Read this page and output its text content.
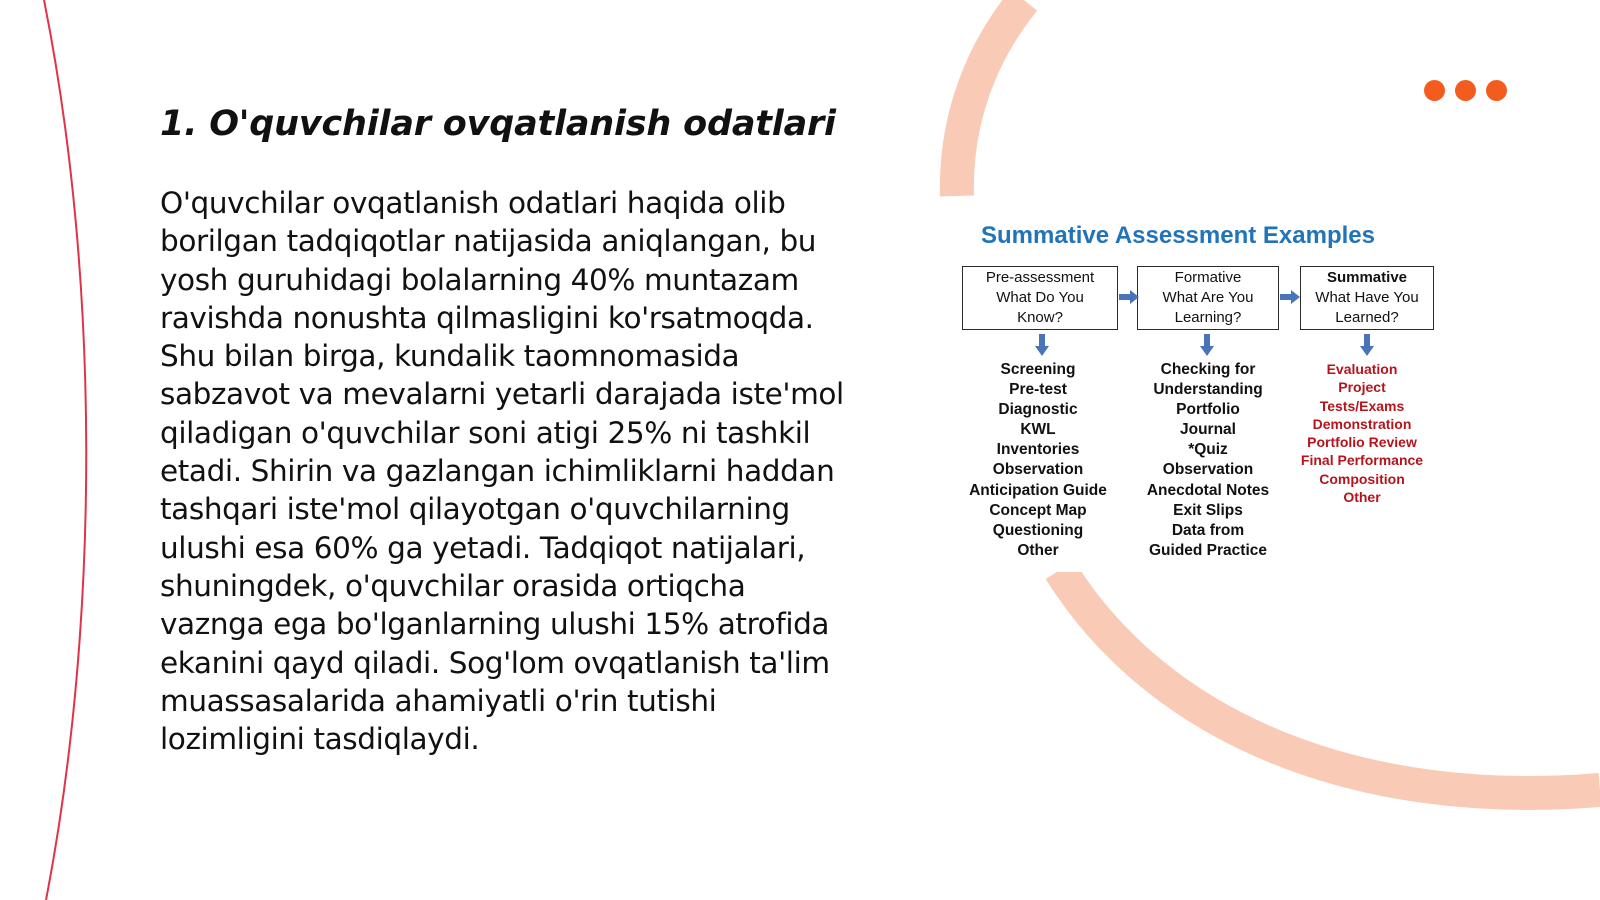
1. O'quvchilar ovqatlanish odatlari

O'quvchilar ovqatlanish odatlari haqida olib borilgan tadqiqotlar natijasida aniqlangan, bu yosh guruhidagi bolalarning 40% muntazam ravishda nonushta qilmasligini ko'rsatmoqda. Shu bilan birga, kundalik taomnomasida sabzavot va mevalarni yetarli darajada iste'mol qiladigan o'quvchilar soni atigi 25% ni tashkil etadi. Shirin va gazlangan ichimliklarni haddan tashqari iste'mol qilayotgan o'quvchilarning ulushi esa 60% ga yetadi. Tadqiqot natijalari, shuningdek, o'quvchilar orasida ortiqcha vaznga ega bo'lganlarning ulushi 15% atrofida ekanini qayd qiladi. Sog'lom ovqatlanish ta'lim muassasalarida ahamiyatli o'rin tutishi lozimligini tasdiqlaydi.

Summative Assessment Examples
Pre-assessment
What Do You
Know?
Formative
What Are You
Learning?
Summative
What Have You
Learned?
Screening
Pre-test
Diagnostic
KWL
Inventories
Observation
Anticipation Guide
Concept Map
Questioning
Other
Checking for
Understanding
Portfolio
Journal
*Quiz
Observation
Anecdotal Notes
Exit Slips
Data from
Guided Practice
Evaluation
Project
Tests/Exams
Demonstration
Portfolio Review
Final Performance
Composition
Other
